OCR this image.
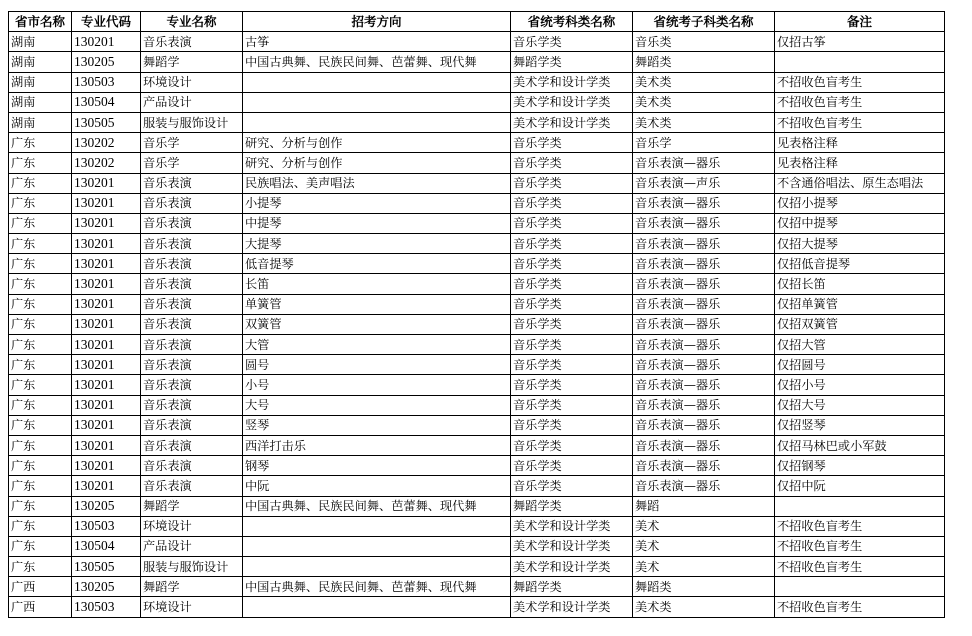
省市名称	专业代码	专业名称	招考方向	省统考科类名称	省统考子科类名称	备注
湖南	130201	音乐表演	古筝	音乐学类	音乐类	仅招古筝
湖南	130205	舞蹈学	中国古典舞、民族民间舞、芭蕾舞、现代舞	舞蹈学类	舞蹈类	
湖南	130503	环境设计		美术学和设计学类	美术类	不招收色盲考生
湖南	130504	产品设计		美术学和设计学类	美术类	不招收色盲考生
湖南	130505	服装与服饰设计		美术学和设计学类	美术类	不招收色盲考生
广东	130202	音乐学	研究、分析与创作	音乐学类	音乐学	见表格注释
广东	130202	音乐学	研究、分析与创作	音乐学类	音乐表演—器乐	见表格注释
广东	130201	音乐表演	民族唱法、美声唱法	音乐学类	音乐表演—声乐	不含通俗唱法、原生态唱法
广东	130201	音乐表演	小提琴	音乐学类	音乐表演—器乐	仅招小提琴
广东	130201	音乐表演	中提琴	音乐学类	音乐表演—器乐	仅招中提琴
广东	130201	音乐表演	大提琴	音乐学类	音乐表演—器乐	仅招大提琴
广东	130201	音乐表演	低音提琴	音乐学类	音乐表演—器乐	仅招低音提琴
广东	130201	音乐表演	长笛	音乐学类	音乐表演—器乐	仅招长笛
广东	130201	音乐表演	单簧管	音乐学类	音乐表演—器乐	仅招单簧管
广东	130201	音乐表演	双簧管	音乐学类	音乐表演—器乐	仅招双簧管
广东	130201	音乐表演	大管	音乐学类	音乐表演—器乐	仅招大管
广东	130201	音乐表演	圆号	音乐学类	音乐表演—器乐	仅招圆号
广东	130201	音乐表演	小号	音乐学类	音乐表演—器乐	仅招小号
广东	130201	音乐表演	大号	音乐学类	音乐表演—器乐	仅招大号
广东	130201	音乐表演	竖琴	音乐学类	音乐表演—器乐	仅招竖琴
广东	130201	音乐表演	西洋打击乐	音乐学类	音乐表演—器乐	仅招马林巴或小军鼓
广东	130201	音乐表演	钢琴	音乐学类	音乐表演—器乐	仅招钢琴
广东	130201	音乐表演	中阮	音乐学类	音乐表演—器乐	仅招中阮
广东	130205	舞蹈学	中国古典舞、民族民间舞、芭蕾舞、现代舞	舞蹈学类	舞蹈	
广东	130503	环境设计		美术学和设计学类	美术	不招收色盲考生
广东	130504	产品设计		美术学和设计学类	美术	不招收色盲考生
广东	130505	服装与服饰设计		美术学和设计学类	美术	不招收色盲考生
广西	130205	舞蹈学	中国古典舞、民族民间舞、芭蕾舞、现代舞	舞蹈学类	舞蹈类	
广西	130503	环境设计		美术学和设计学类	美术类	不招收色盲考生
